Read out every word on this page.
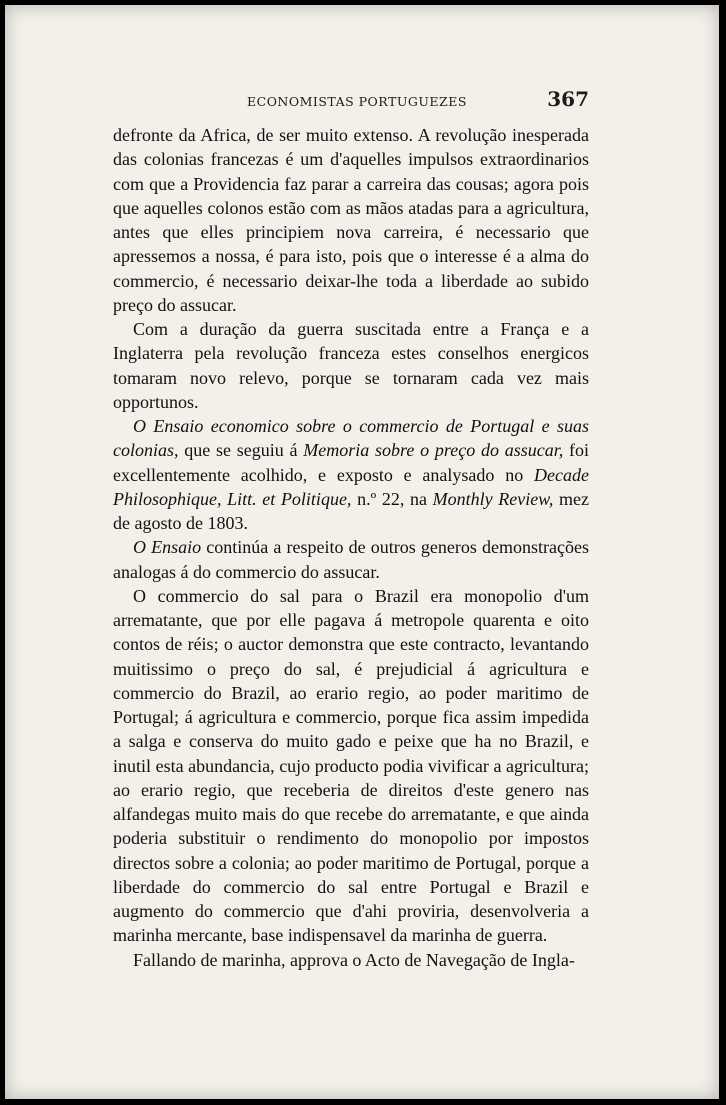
ECONOMISTAS PORTUGUEZES	367

defronte da Africa, de ser muito extenso. A revolução inesperada das colonias francezas é um d'aquelles impulsos extraordinarios com que a Providencia faz parar a carreira das cousas; agora pois que aquelles colonos estão com as mãos atadas para a agricultura, antes que elles principiem nova carreira, é necessario que apressemos a nossa, é para isto, pois que o interesse é a alma do commercio, é necessario deixar-lhe toda a liberdade ao subido preço do assucar.

Com a duração da guerra suscitada entre a França e a Inglaterra pela revolução franceza estes conselhos energicos tomaram novo relevo, porque se tornaram cada vez mais opportunos.

O Ensaio economico sobre o commercio de Portugal e suas colonias, que se seguiu á Memoria sobre o preço do assucar, foi excellentemente acolhido, e exposto e analysado no Decade Philosophique, Litt. et Politique, n.º 22, na Monthly Review, mez de agosto de 1803.

O Ensaio continúa a respeito de outros generos demonstrações analogas á do commercio do assucar.

O commercio do sal para o Brazil era monopolio d'um arrematante, que por elle pagava á metropole quarenta e oito contos de réis; o auctor demonstra que este contracto, levantando muitissimo o preço do sal, é prejudicial á agricultura e commercio do Brazil, ao erario regio, ao poder maritimo de Portugal; á agricultura e commercio, porque fica assim impedida a salga e conserva do muito gado e peixe que ha no Brazil, e inutil esta abundancia, cujo producto podia vivificar a agricultura; ao erario regio, que receberia de direitos d'este genero nas alfandegas muito mais do que recebe do arrematante, e que ainda poderia substituir o rendimento do monopolio por impostos directos sobre a colonia; ao poder maritimo de Portugal, porque a liberdade do commercio do sal entre Portugal e Brazil e augmento do commercio que d'ahi proviria, desenvolveria a marinha mercante, base indispensavel da marinha de guerra.

Fallando de marinha, approva o Acto de Navegação de Ingla-
